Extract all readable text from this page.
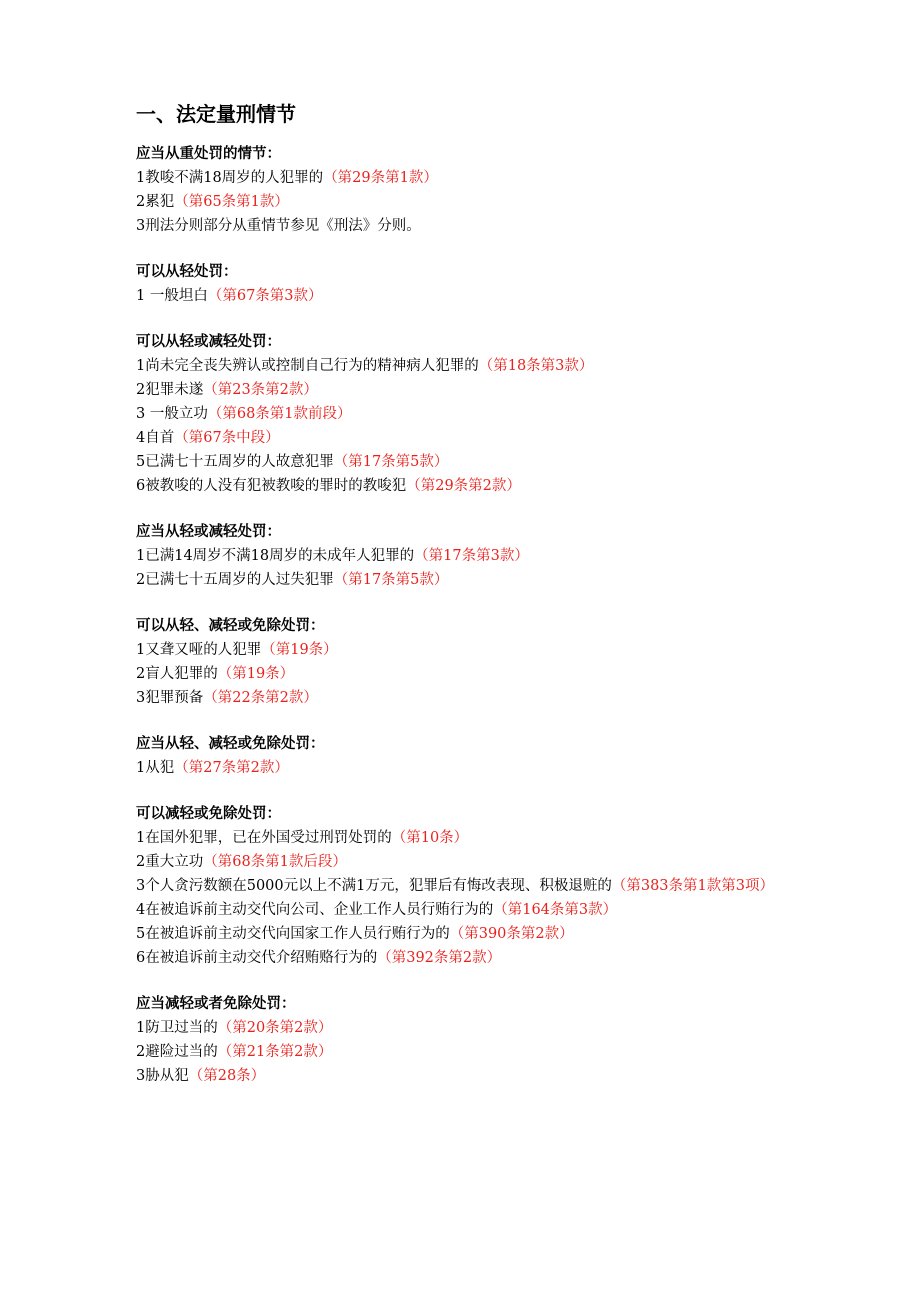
一、法定量刑情节

应当从重处罚的情节：

1教唆不满18周岁的人犯罪的（第29条第1款）

2累犯（第65条第1款）

3刑法分则部分从重情节参见《刑法》分则。

可以从轻处罚：

1 一般坦白（第67条第3款）

可以从轻或减轻处罚：

1尚未完全丧失辨认或控制自己行为的精神病人犯罪的（第18条第3款）

2犯罪未遂（第23条第2款）

3 一般立功（第68条第1款前段）

4自首（第67条中段）

5已满七十五周岁的人故意犯罪（第17条第5款）

6被教唆的人没有犯被教唆的罪时的教唆犯（第29条第2款）

应当从轻或减轻处罚：

1已满14周岁不满18周岁的未成年人犯罪的（第17条第3款）

2已满七十五周岁的人过失犯罪（第17条第5款）

可以从轻、减轻或免除处罚：

1又聋又哑的人犯罪（第19条）

2盲人犯罪的（第19条）

3犯罪预备（第22条第2款）

应当从轻、减轻或免除处罚：

1从犯（第27条第2款）

可以减轻或免除处罚：

1在国外犯罪，已在外国受过刑罚处罚的（第10条）

2重大立功（第68条第1款后段）

3个人贪污数额在5000元以上不满1万元，犯罪后有悔改表现、积极退赃的（第383条第1款第3项）

4在被追诉前主动交代向公司、企业工作人员行贿行为的（第164条第3款）

5在被追诉前主动交代向国家工作人员行贿行为的（第390条第2款）

6在被追诉前主动交代介绍贿赂行为的（第392条第2款）

应当减轻或者免除处罚：

1防卫过当的（第20条第2款）

2避险过当的（第21条第2款）

3胁从犯（第28条）
